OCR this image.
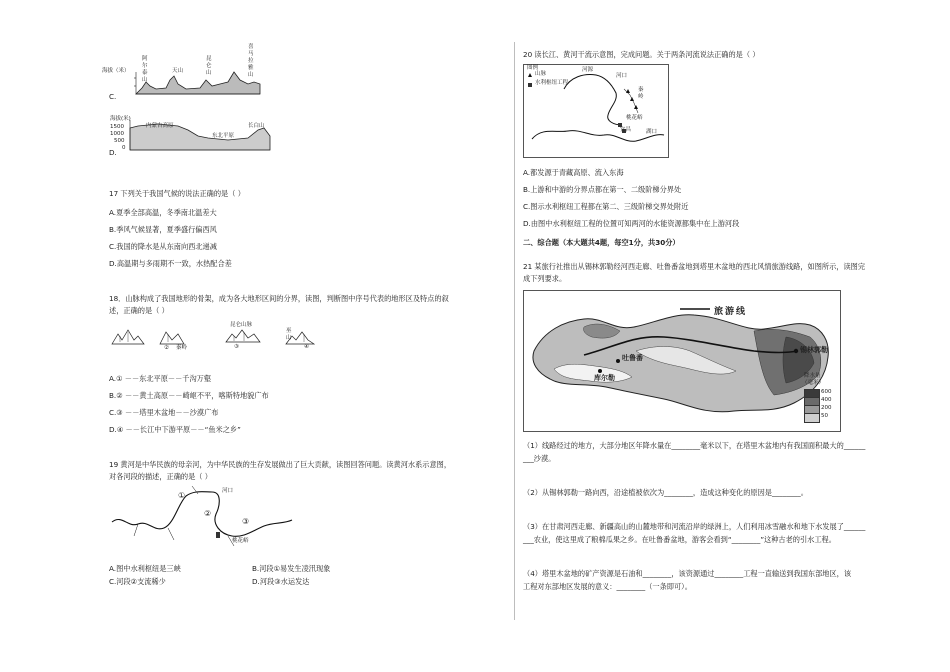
海拔（米）
阿尔泰山
天山
昆仑山
喜马拉雅山
C.
海拔(米)
1500
1000
500
0
内蒙古高原
东北平原
长白山
D.
17 下列关于我国气候的说法正确的是（ ）
A.夏季全部高温，冬季南北温差大
B.季风气候显著，夏季盛行偏西风
C.我国的降水是从东南向西北递减
D.高温期与多雨期不一致，水热配合差
18．山脉构成了我国地形的骨架，成为各大地形区间的分界，读图，判断图中序号代表的地形区及特点的叙
述，正确的是（ ）
秦岭
②
昆仑山脉
③
巫山
④
A.① －－东北平原－－千沟万壑
B.② －－黄土高原－－崎岖不平，喀斯特地貌广布
C.③ －－塔里木盆地－－沙漠广布
D.④ －－长江中下游平原－－“鱼米之乡”
19 黄河是中华民族的母亲河，为中华民族的生存发展做出了巨大贡献，读图回答问题。读黄河水系示意图，
对各河段的描述，正确的是（ ）
①
②
③
河口
桃花峪
A.图中水利枢纽是三峡	B.河段①易发生凌汛现象
C.河段②支流稀少	D.河段③水运发达
20 读长江、黄河干流示意图，完成问题。关于两条河流说法正确的是（ ）
图例
山脉
水利枢纽工程
河源
河口
秦岭
桃花峪
宜昌	湖口
A.都发源于青藏高原、流入东海
B.上游和中游的分界点都在第一、二级阶梯分界处
C.图示水利枢纽工程都在第二、三级阶梯交界处附近
D.由图中水利枢纽工程的位置可知两河的水能资源都集中在上游河段
二、综合题（本大题共4题，每空1分，共30分）
21 某旅行社推出从锡林郭勒经河西走廊、吐鲁番盆地到塔里木盆地的西北风情旅游线路，如图所示，读图完
成下列要求。
旅游线
锡林郭勒
吐鲁番
库尔勒	降水量
（毫米）
600
400
200
50
（1）线路经过的地方，大部分地区年降水量在________毫米以下，在塔里木盆地内有我国面积最大的______
___沙漠。
（2）从锡林郭勒一路向西，沿途植被依次为________，造成这种变化的原因是________。
（3）在甘肃河西走廊、新疆高山的山麓地带和河流沿岸的绿洲上，人们利用冰雪融水和地下水发展了______
___农业，使这里成了粮棉瓜果之乡。在吐鲁番盆地，游客会看到“________”这种古老的引水工程。
（4）塔里木盆地的矿产资源是石油和________，该资源通过________工程一直输送到我国东部地区，该
工程对东部地区发展的意义：________（一条即可）。
